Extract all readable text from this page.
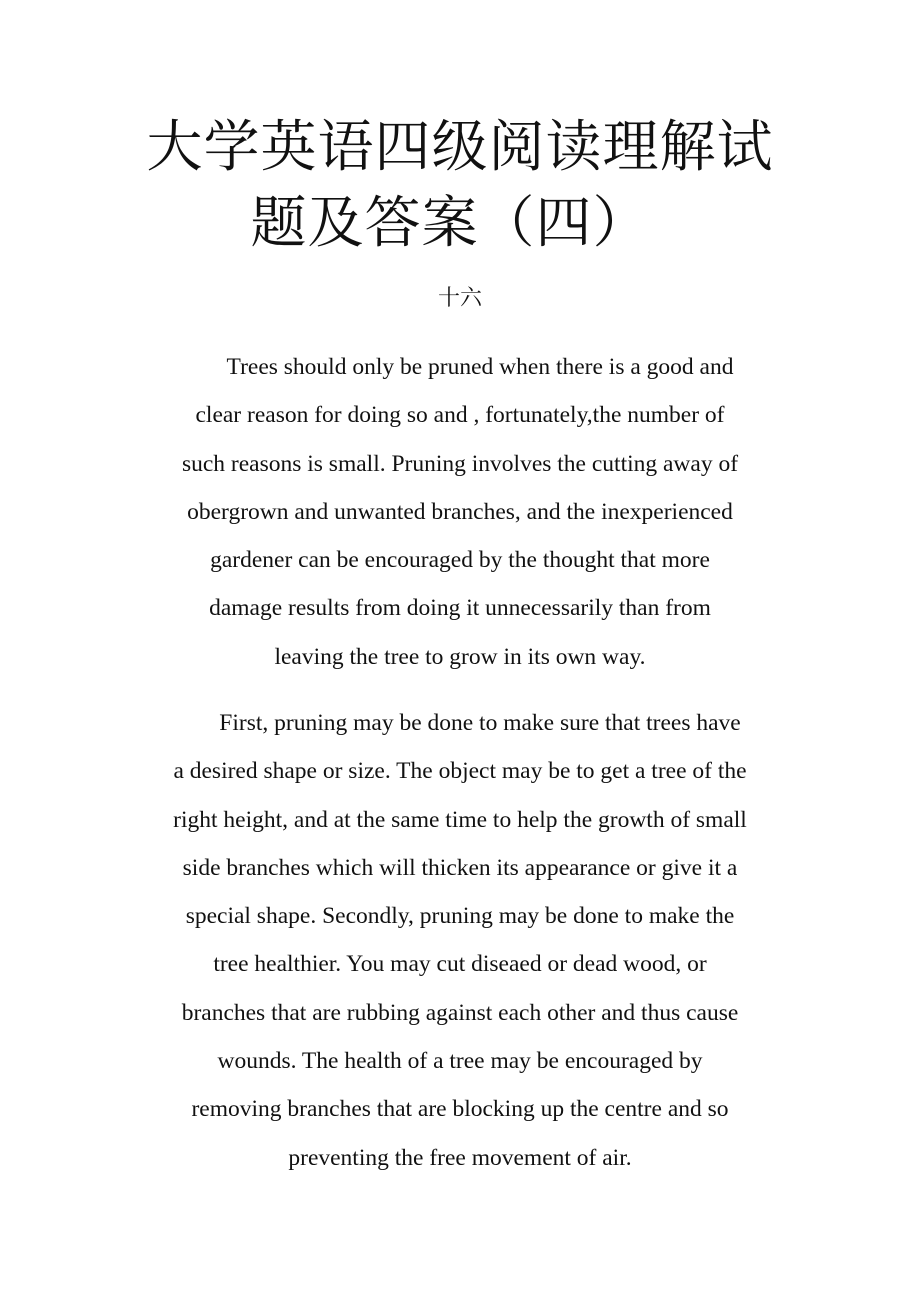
大学英语四级阅读理解试
题及答案（四）
十六
Trees should only be pruned when there is a good and
clear reason for doing so and , fortunately,the number of
such reasons is small. Pruning involves the cutting away of
obergrown and unwanted branches, and the inexperienced
gardener can be encouraged by the thought that more
damage results from doing it unnecessarily than from
leaving the tree to grow in its own way.
First, pruning may be done to make sure that trees have
a desired shape or size. The object may be to get a tree of the
right height, and at the same time to help the growth of small
side branches which will thicken its appearance or give it a
special shape. Secondly, pruning may be done to make the
tree healthier. You may cut diseaed or dead wood, or
branches that are rubbing against each other and thus cause
wounds. The health of a tree may be encouraged by
removing branches that are blocking up the centre and so
preventing the free movement of air.
